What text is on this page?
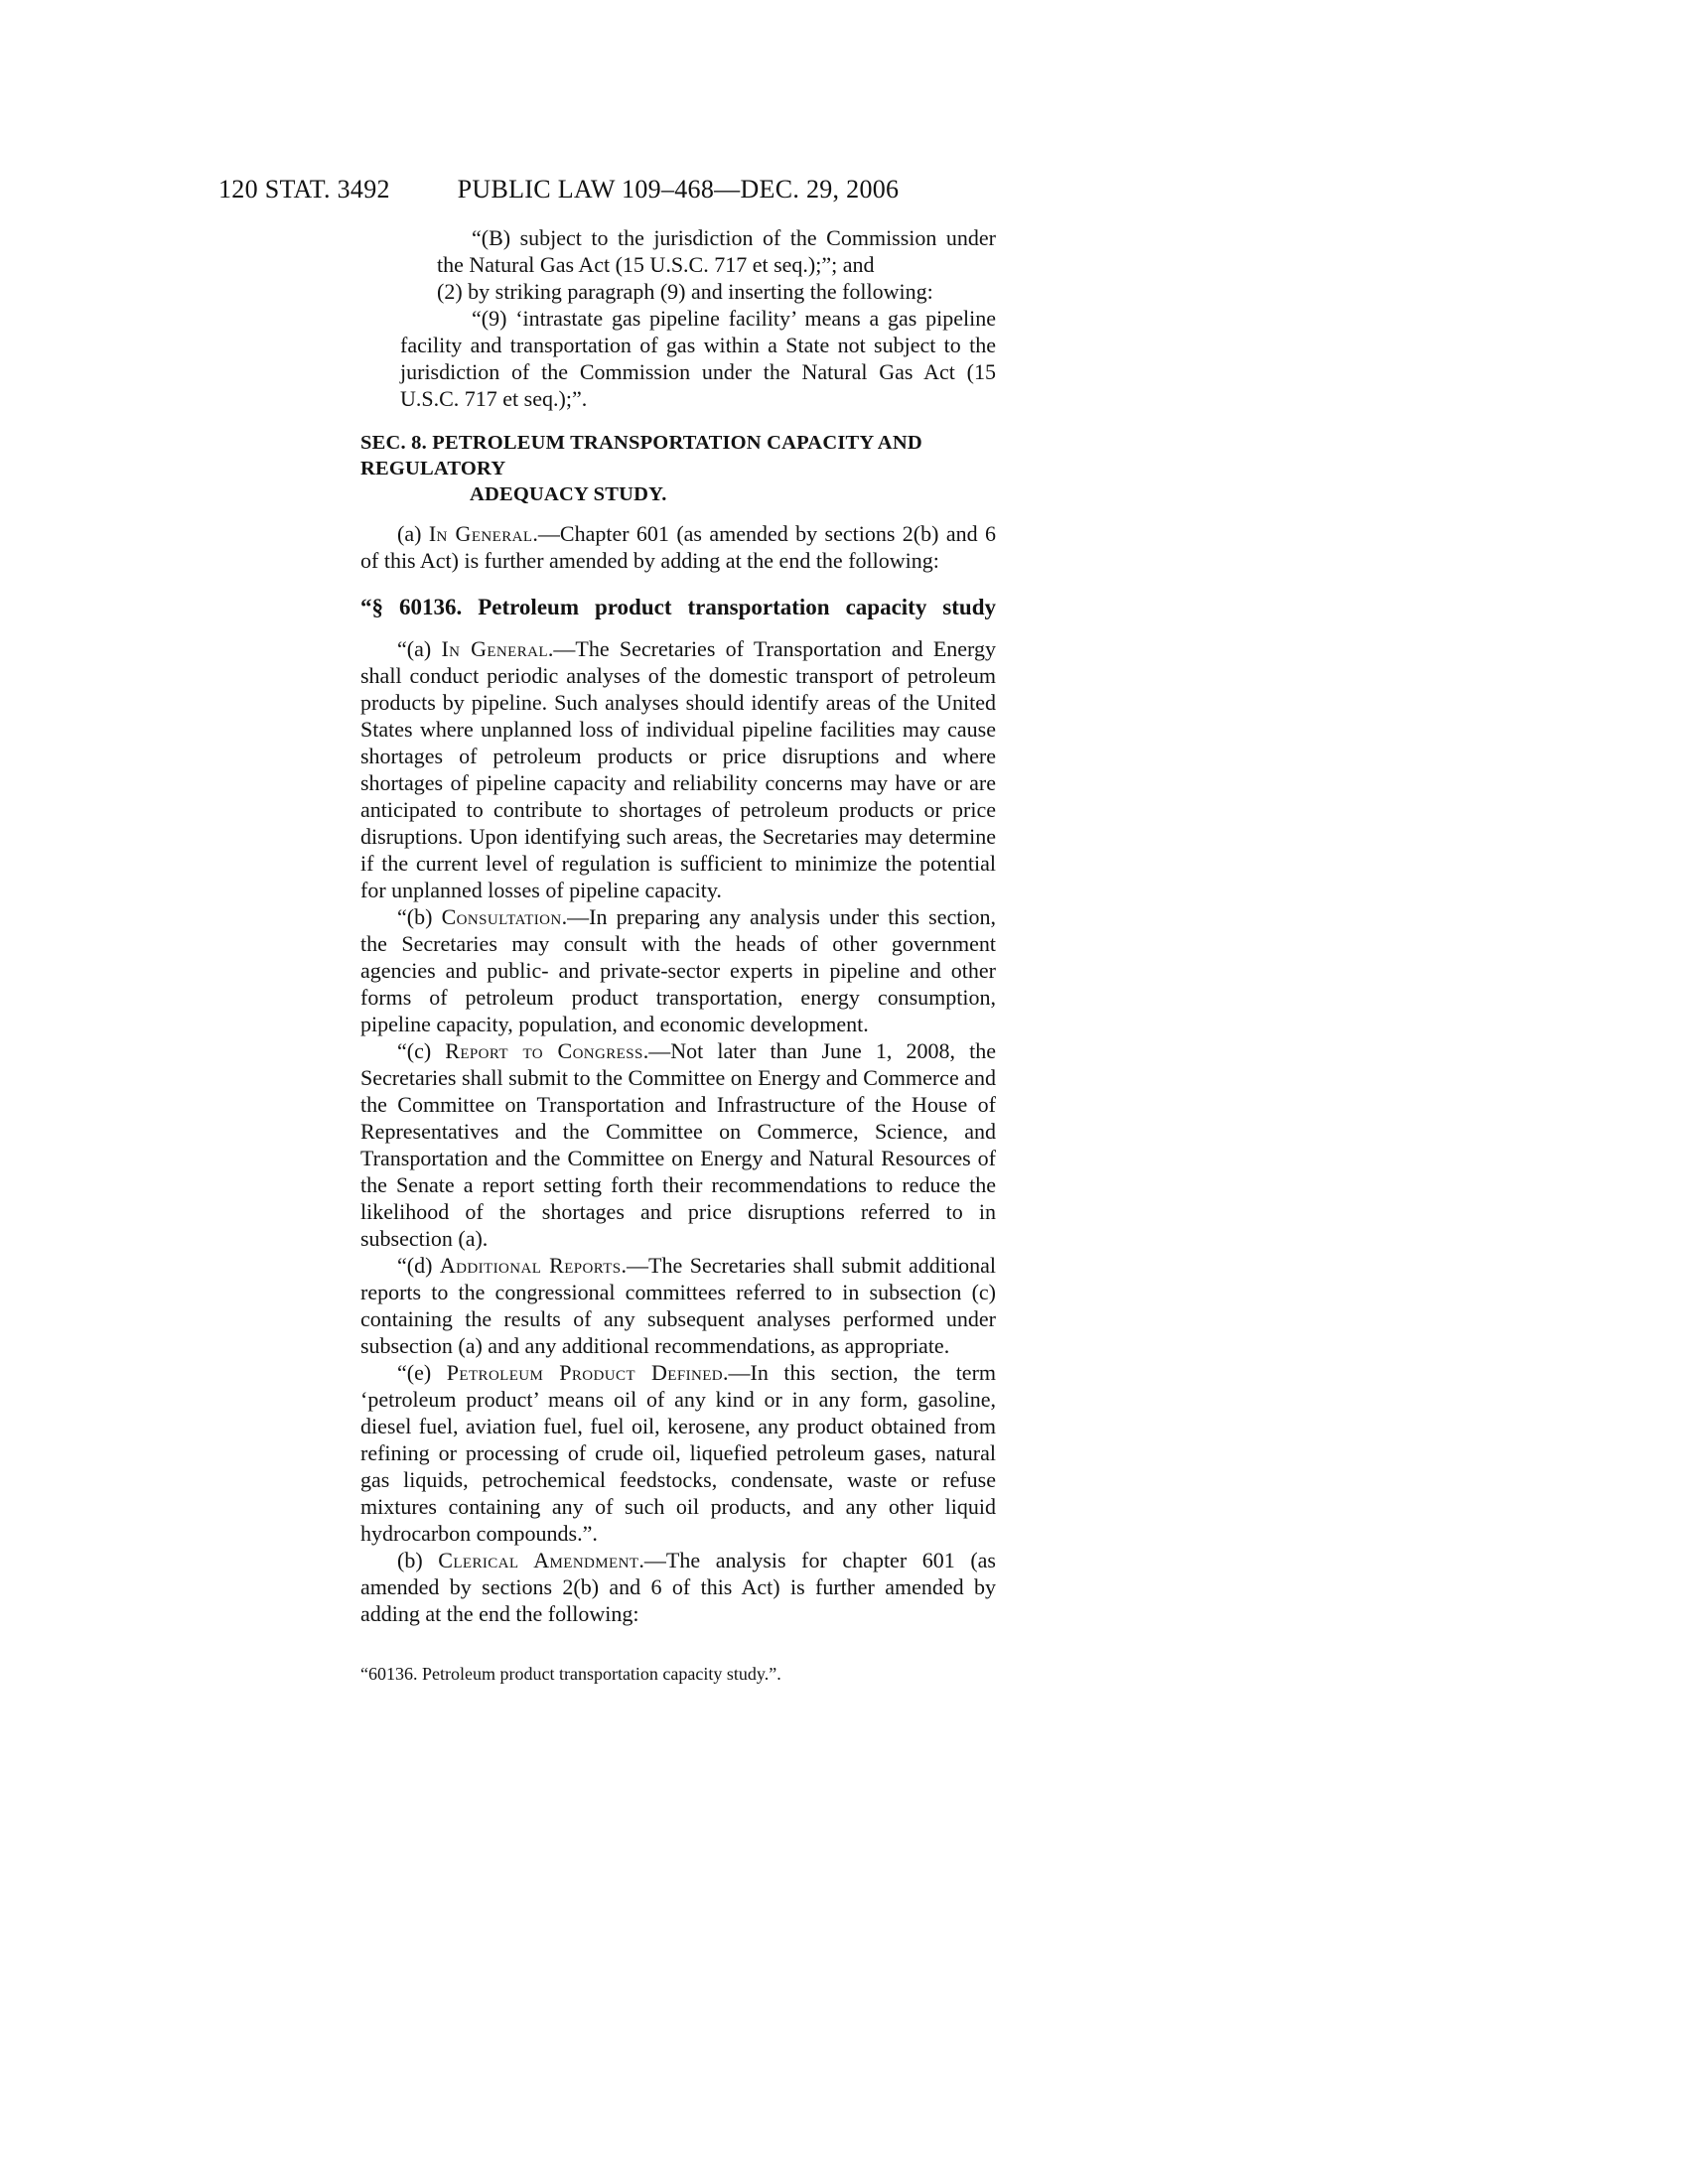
120 STAT. 3492	PUBLIC LAW 109–468—DEC. 29, 2006

“(B) subject to the jurisdiction of the Commission under the Natural Gas Act (15 U.S.C. 717 et seq.);”; and

(2) by striking paragraph (9) and inserting the following:

“(9) ‘intrastate gas pipeline facility’ means a gas pipeline facility and transportation of gas within a State not subject to the jurisdiction of the Commission under the Natural Gas Act (15 U.S.C. 717 et seq.);”.

SEC. 8. PETROLEUM TRANSPORTATION CAPACITY AND REGULATORY
ADEQUACY STUDY.

(a) In General.—Chapter 601 (as amended by sections 2(b) and 6 of this Act) is further amended by adding at the end the following:

“§ 60136. Petroleum product transportation capacity study

“(a) In General.—The Secretaries of Transportation and Energy shall conduct periodic analyses of the domestic transport of petroleum products by pipeline. Such analyses should identify areas of the United States where unplanned loss of individual pipeline facilities may cause shortages of petroleum products or price disruptions and where shortages of pipeline capacity and reliability concerns may have or are anticipated to contribute to shortages of petroleum products or price disruptions. Upon identifying such areas, the Secretaries may determine if the current level of regulation is sufficient to minimize the potential for unplanned losses of pipeline capacity.

“(b) Consultation.—In preparing any analysis under this section, the Secretaries may consult with the heads of other government agencies and public- and private-sector experts in pipeline and other forms of petroleum product transportation, energy consumption, pipeline capacity, population, and economic development.

“(c) Report to Congress.—Not later than June 1, 2008, the Secretaries shall submit to the Committee on Energy and Commerce and the Committee on Transportation and Infrastructure of the House of Representatives and the Committee on Commerce, Science, and Transportation and the Committee on Energy and Natural Resources of the Senate a report setting forth their recommendations to reduce the likelihood of the shortages and price disruptions referred to in subsection (a).

“(d) Additional Reports.—The Secretaries shall submit additional reports to the congressional committees referred to in subsection (c) containing the results of any subsequent analyses performed under subsection (a) and any additional recommendations, as appropriate.

“(e) Petroleum Product Defined.—In this section, the term ‘petroleum product’ means oil of any kind or in any form, gasoline, diesel fuel, aviation fuel, fuel oil, kerosene, any product obtained from refining or processing of crude oil, liquefied petroleum gases, natural gas liquids, petrochemical feedstocks, condensate, waste or refuse mixtures containing any of such oil products, and any other liquid hydrocarbon compounds.”.

(b) Clerical Amendment.—The analysis for chapter 601 (as amended by sections 2(b) and 6 of this Act) is further amended by adding at the end the following:

“60136. Petroleum product transportation capacity study.”.
